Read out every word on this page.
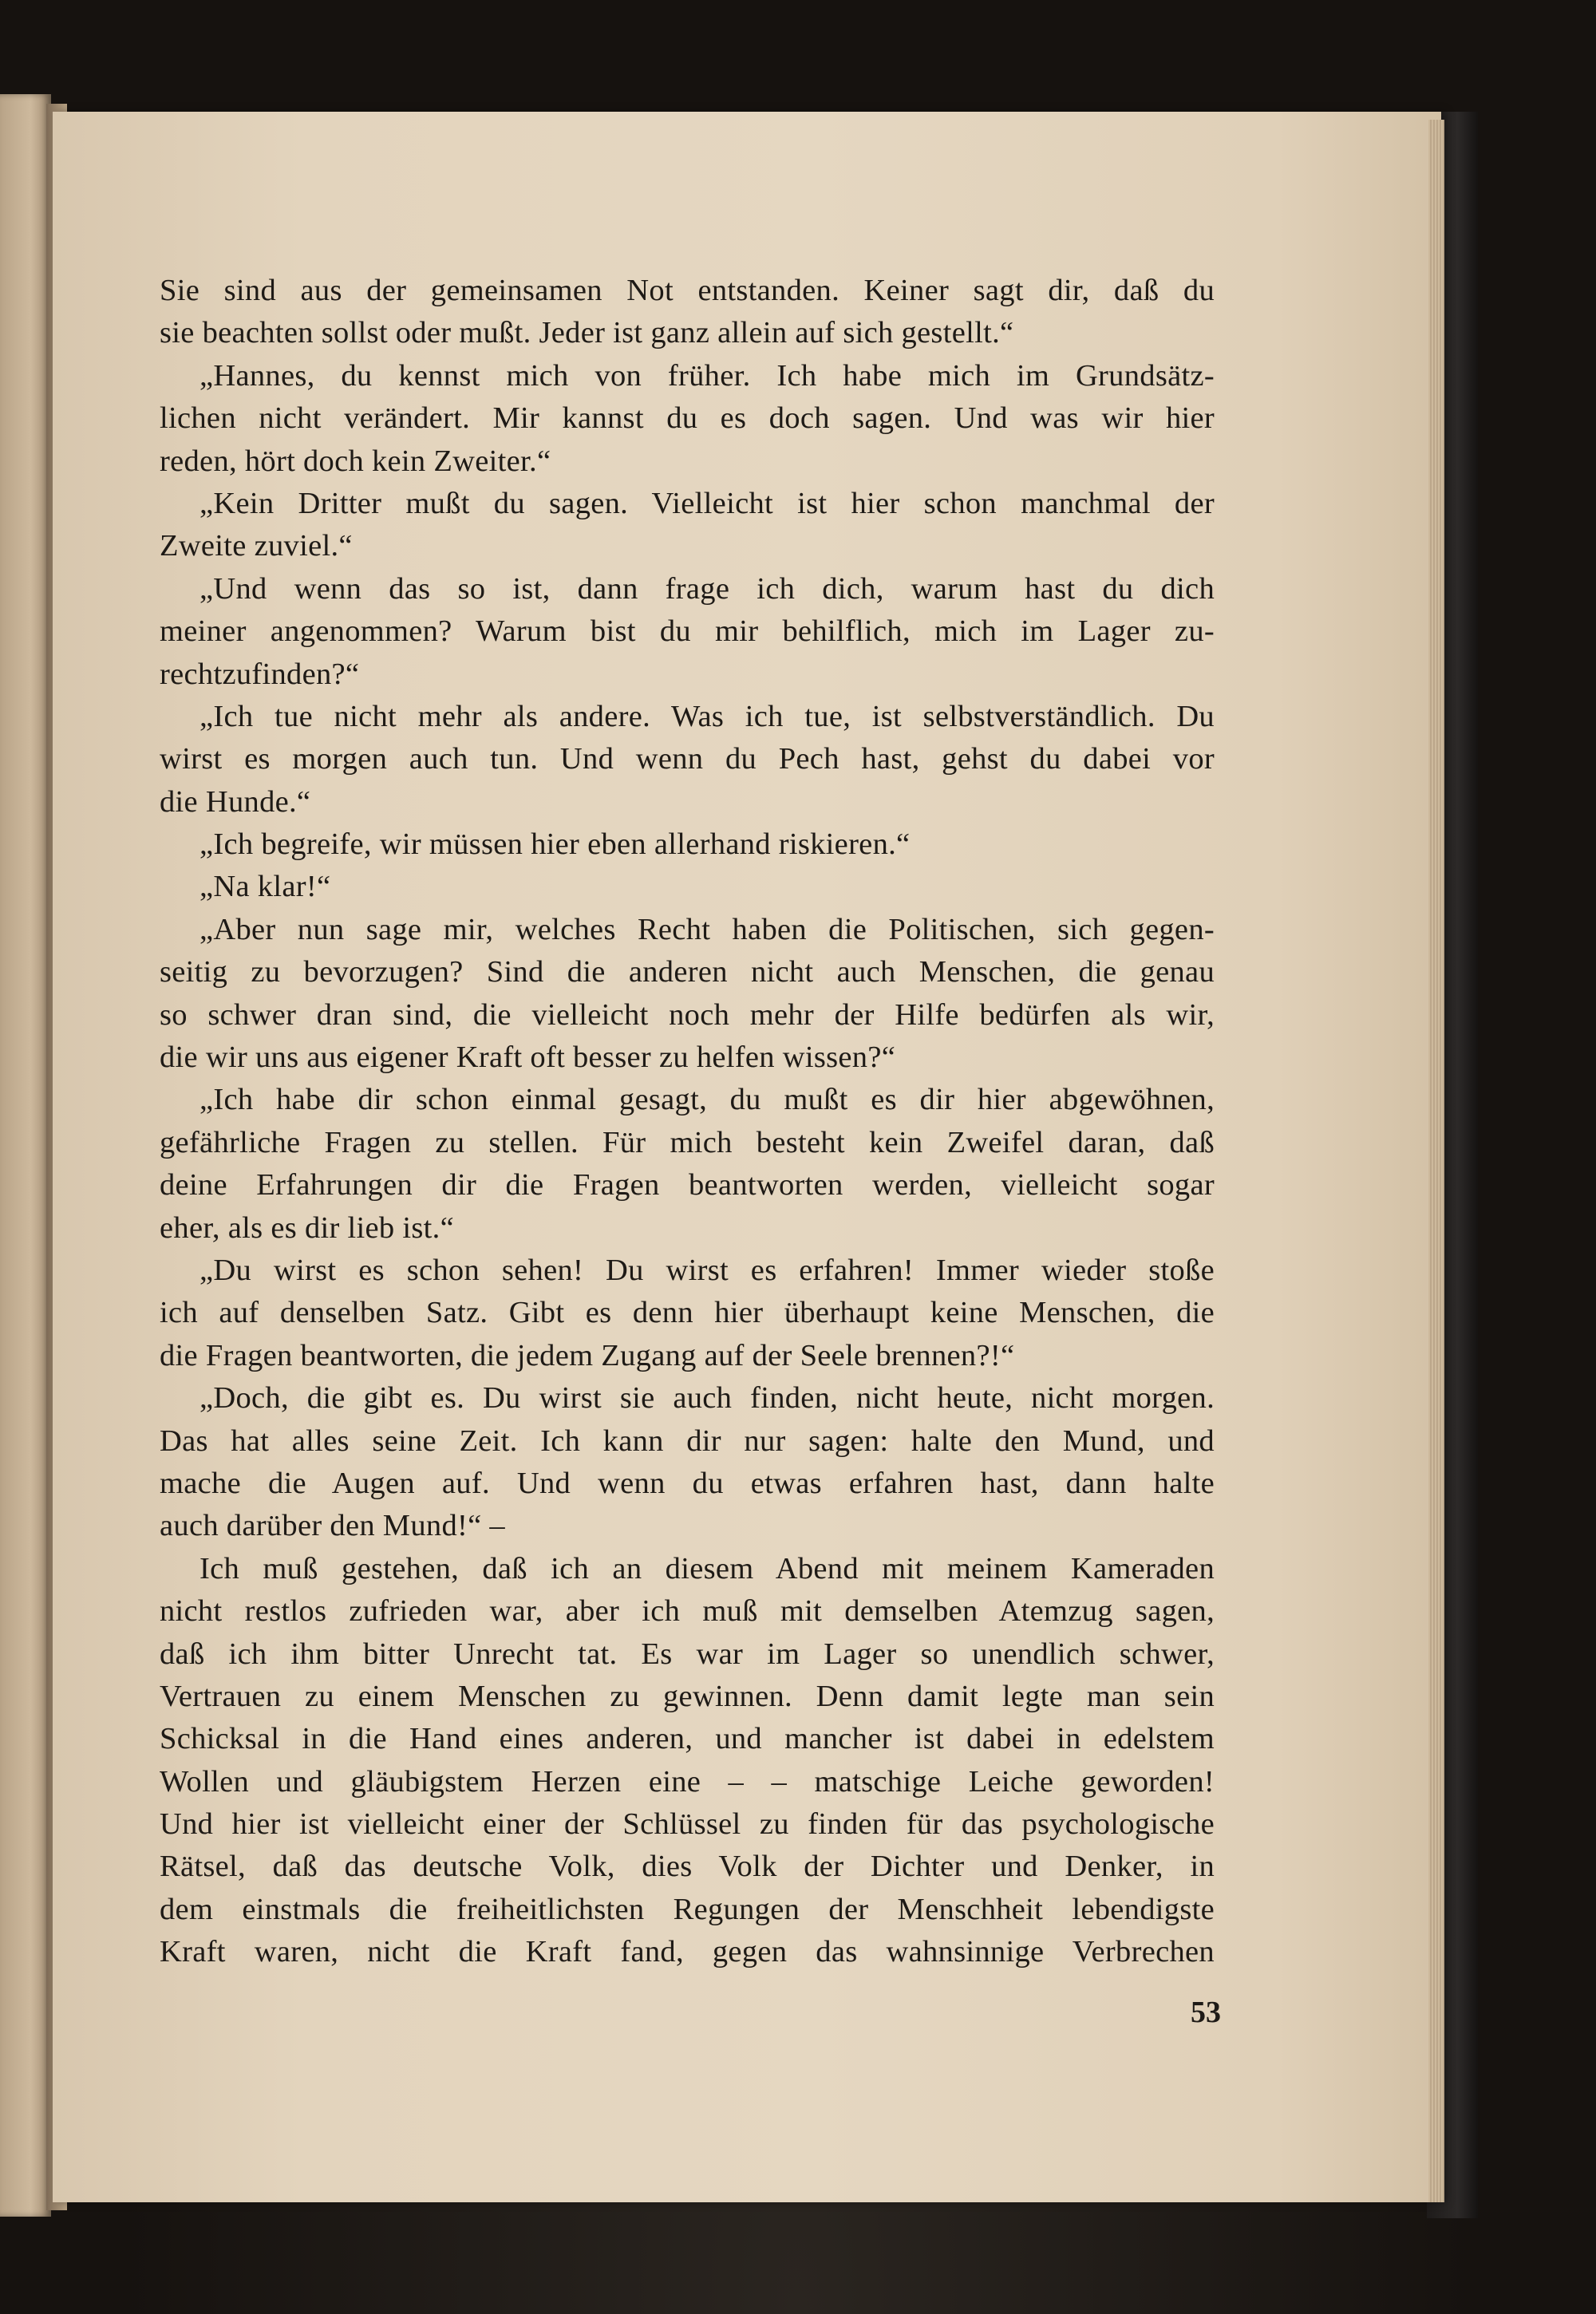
Sie sind aus der gemeinsamen Not entstanden. Keiner sagt dir, daß du
sie beachten sollst oder mußt. Jeder ist ganz allein auf sich gestellt.“
„Hannes, du kennst mich von früher. Ich habe mich im Grundsätz-
lichen nicht verändert. Mir kannst du es doch sagen. Und was wir hier
reden, hört doch kein Zweiter.“
„Kein Dritter mußt du sagen. Vielleicht ist hier schon manchmal der
Zweite zuviel.“
„Und wenn das so ist, dann frage ich dich, warum hast du dich
meiner angenommen? Warum bist du mir behilflich, mich im Lager zu-
rechtzufinden?“
„Ich tue nicht mehr als andere. Was ich tue, ist selbstverständlich. Du
wirst es morgen auch tun. Und wenn du Pech hast, gehst du dabei vor
die Hunde.“
„Ich begreife, wir müssen hier eben allerhand riskieren.“
„Na klar!“
„Aber nun sage mir, welches Recht haben die Politischen, sich gegen-
seitig zu bevorzugen? Sind die anderen nicht auch Menschen, die genau
so schwer dran sind, die vielleicht noch mehr der Hilfe bedürfen als wir,
die wir uns aus eigener Kraft oft besser zu helfen wissen?“
„Ich habe dir schon einmal gesagt, du mußt es dir hier abgewöhnen,
gefährliche Fragen zu stellen. Für mich besteht kein Zweifel daran, daß
deine Erfahrungen dir die Fragen beantworten werden, vielleicht sogar
eher, als es dir lieb ist.“
„Du wirst es schon sehen! Du wirst es erfahren! Immer wieder stoße
ich auf denselben Satz. Gibt es denn hier überhaupt keine Menschen, die
die Fragen beantworten, die jedem Zugang auf der Seele brennen?!“
„Doch, die gibt es. Du wirst sie auch finden, nicht heute, nicht morgen.
Das hat alles seine Zeit. Ich kann dir nur sagen: halte den Mund, und
mache die Augen auf. Und wenn du etwas erfahren hast, dann halte
auch darüber den Mund!“ –
Ich muß gestehen, daß ich an diesem Abend mit meinem Kameraden
nicht restlos zufrieden war, aber ich muß mit demselben Atemzug sagen,
daß ich ihm bitter Unrecht tat. Es war im Lager so unendlich schwer,
Vertrauen zu einem Menschen zu gewinnen. Denn damit legte man sein
Schicksal in die Hand eines anderen, und mancher ist dabei in edelstem
Wollen und gläubigstem Herzen eine – – matschige Leiche geworden!
Und hier ist vielleicht einer der Schlüssel zu finden für das psychologische
Rätsel, daß das deutsche Volk, dies Volk der Dichter und Denker, in
dem einstmals die freiheitlichsten Regungen der Menschheit lebendigste
Kraft waren, nicht die Kraft fand, gegen das wahnsinnige Verbrechen
53
